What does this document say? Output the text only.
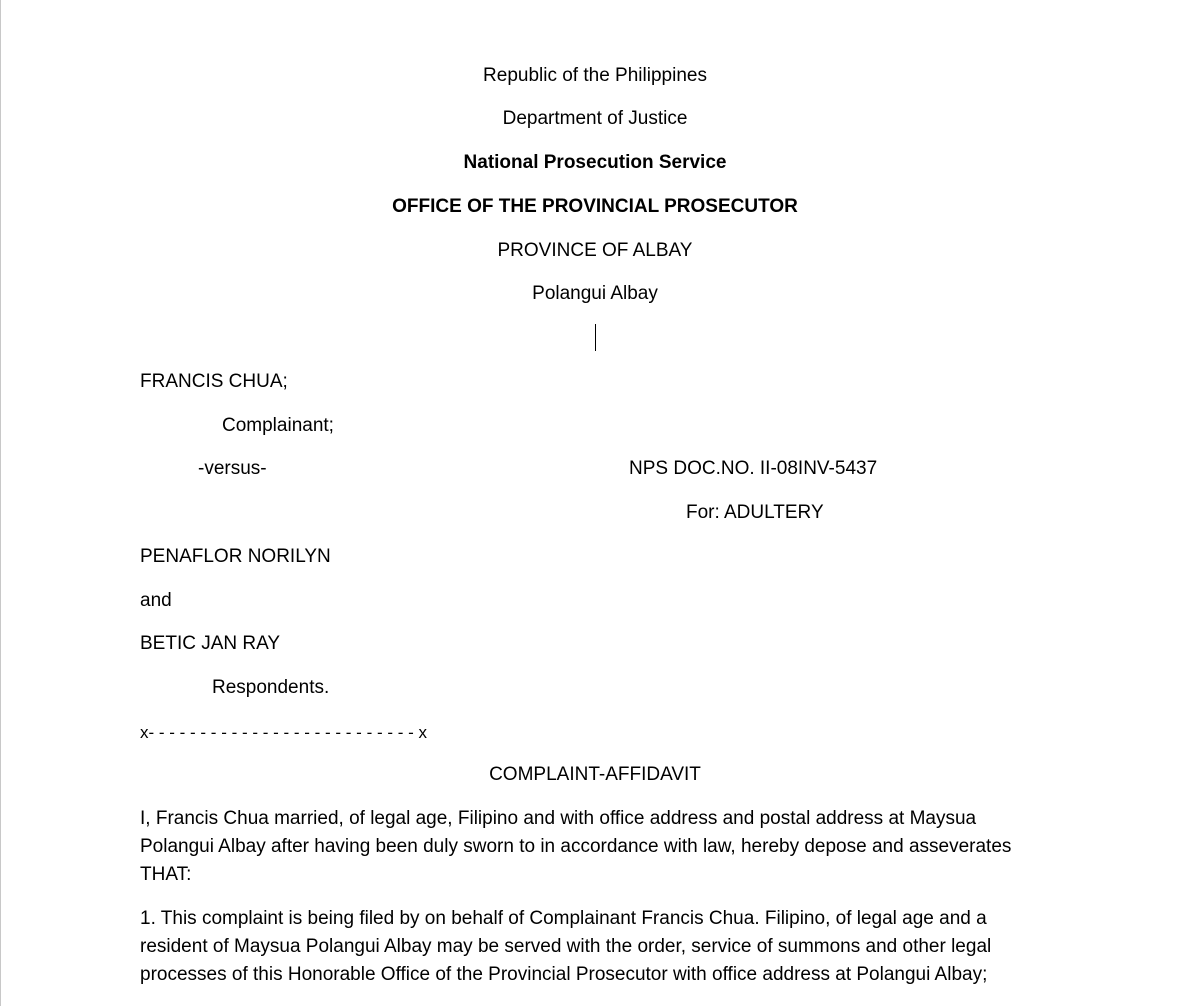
Republic of the Philippines
Department of Justice
National Prosecution Service
OFFICE OF THE PROVINCIAL PROSECUTOR
PROVINCE OF ALBAY
Polangui Albay
FRANCIS CHUA;
Complainant;
-versus-	NPS DOC.NO. II-08INV-5437
For: ADULTERY
PENAFLOR NORILYN
and
BETIC JAN RAY
Respondents.
x- - - - - - - - - - - - - - - - - - - - - - - - - - x
COMPLAINT-AFFIDAVIT
I, Francis Chua married, of legal age, Filipino and with office address and postal address at Maysua Polangui Albay after having been duly sworn to in accordance with law, hereby depose and asseverates THAT:
1. This complaint is being filed by on behalf of Complainant Francis Chua. Filipino, of legal age and a resident of Maysua Polangui Albay may be served with the order, service of summons and other legal processes of this Honorable Office of the Provincial Prosecutor with office address at Polangui Albay;
